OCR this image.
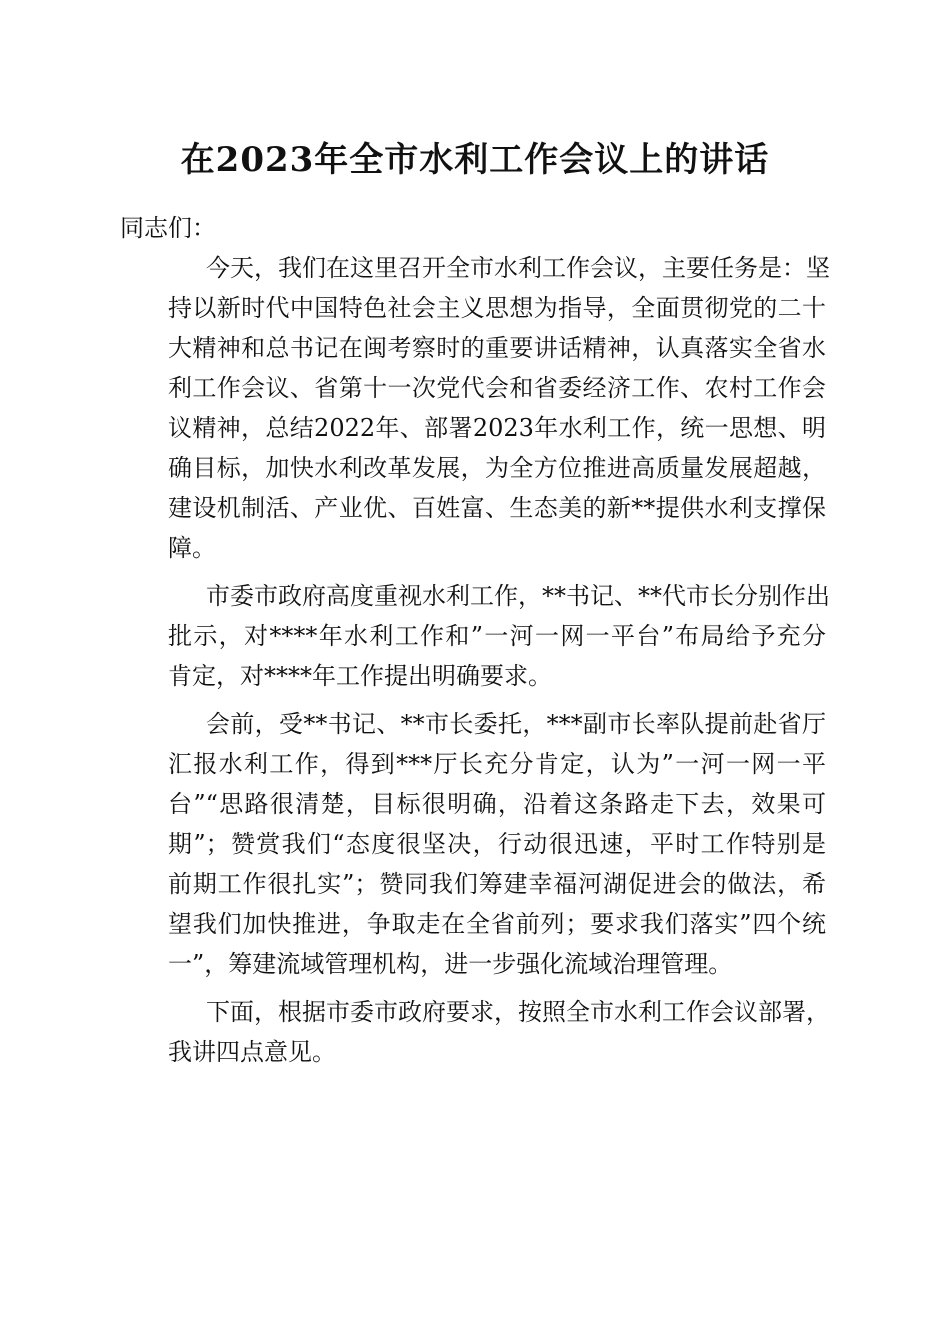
在2023年全市水利工作会议上的讲话
同志们：
今天，我们在这里召开全市水利工作会议，主要任务是：坚
持以新时代中国特色社会主义思想为指导，全面贯彻党的二十
大精神和总书记在闽考察时的重要讲话精神，认真落实全省水
利工作会议、省第十一次党代会和省委经济工作、农村工作会
议精神，总结2022年、部署2023年水利工作，统一思想、明
确目标，加快水利改革发展，为全方位推进高质量发展超越，
建设机制活、产业优、百姓富、生态美的新**提供水利支撑保
障。
市委市政府高度重视水利工作，**书记、**代市长分别作出
批示，对****年水利工作和”一河一网一平台”布局给予充分
肯定，对****年工作提出明确要求。
会前，受**书记、**市长委托，***副市长率队提前赴省厅
汇报水利工作，得到***厅长充分肯定，认为”一河一网一平
台”“思路很清楚，目标很明确，沿着这条路走下去，效果可
期”；赞赏我们“态度很坚决，行动很迅速，平时工作特别是
前期工作很扎实”；赞同我们筹建幸福河湖促进会的做法，希
望我们加快推进，争取走在全省前列；要求我们落实”四个统
一”，筹建流域管理机构，进一步强化流域治理管理。
下面，根据市委市政府要求，按照全市水利工作会议部署，
我讲四点意见。
